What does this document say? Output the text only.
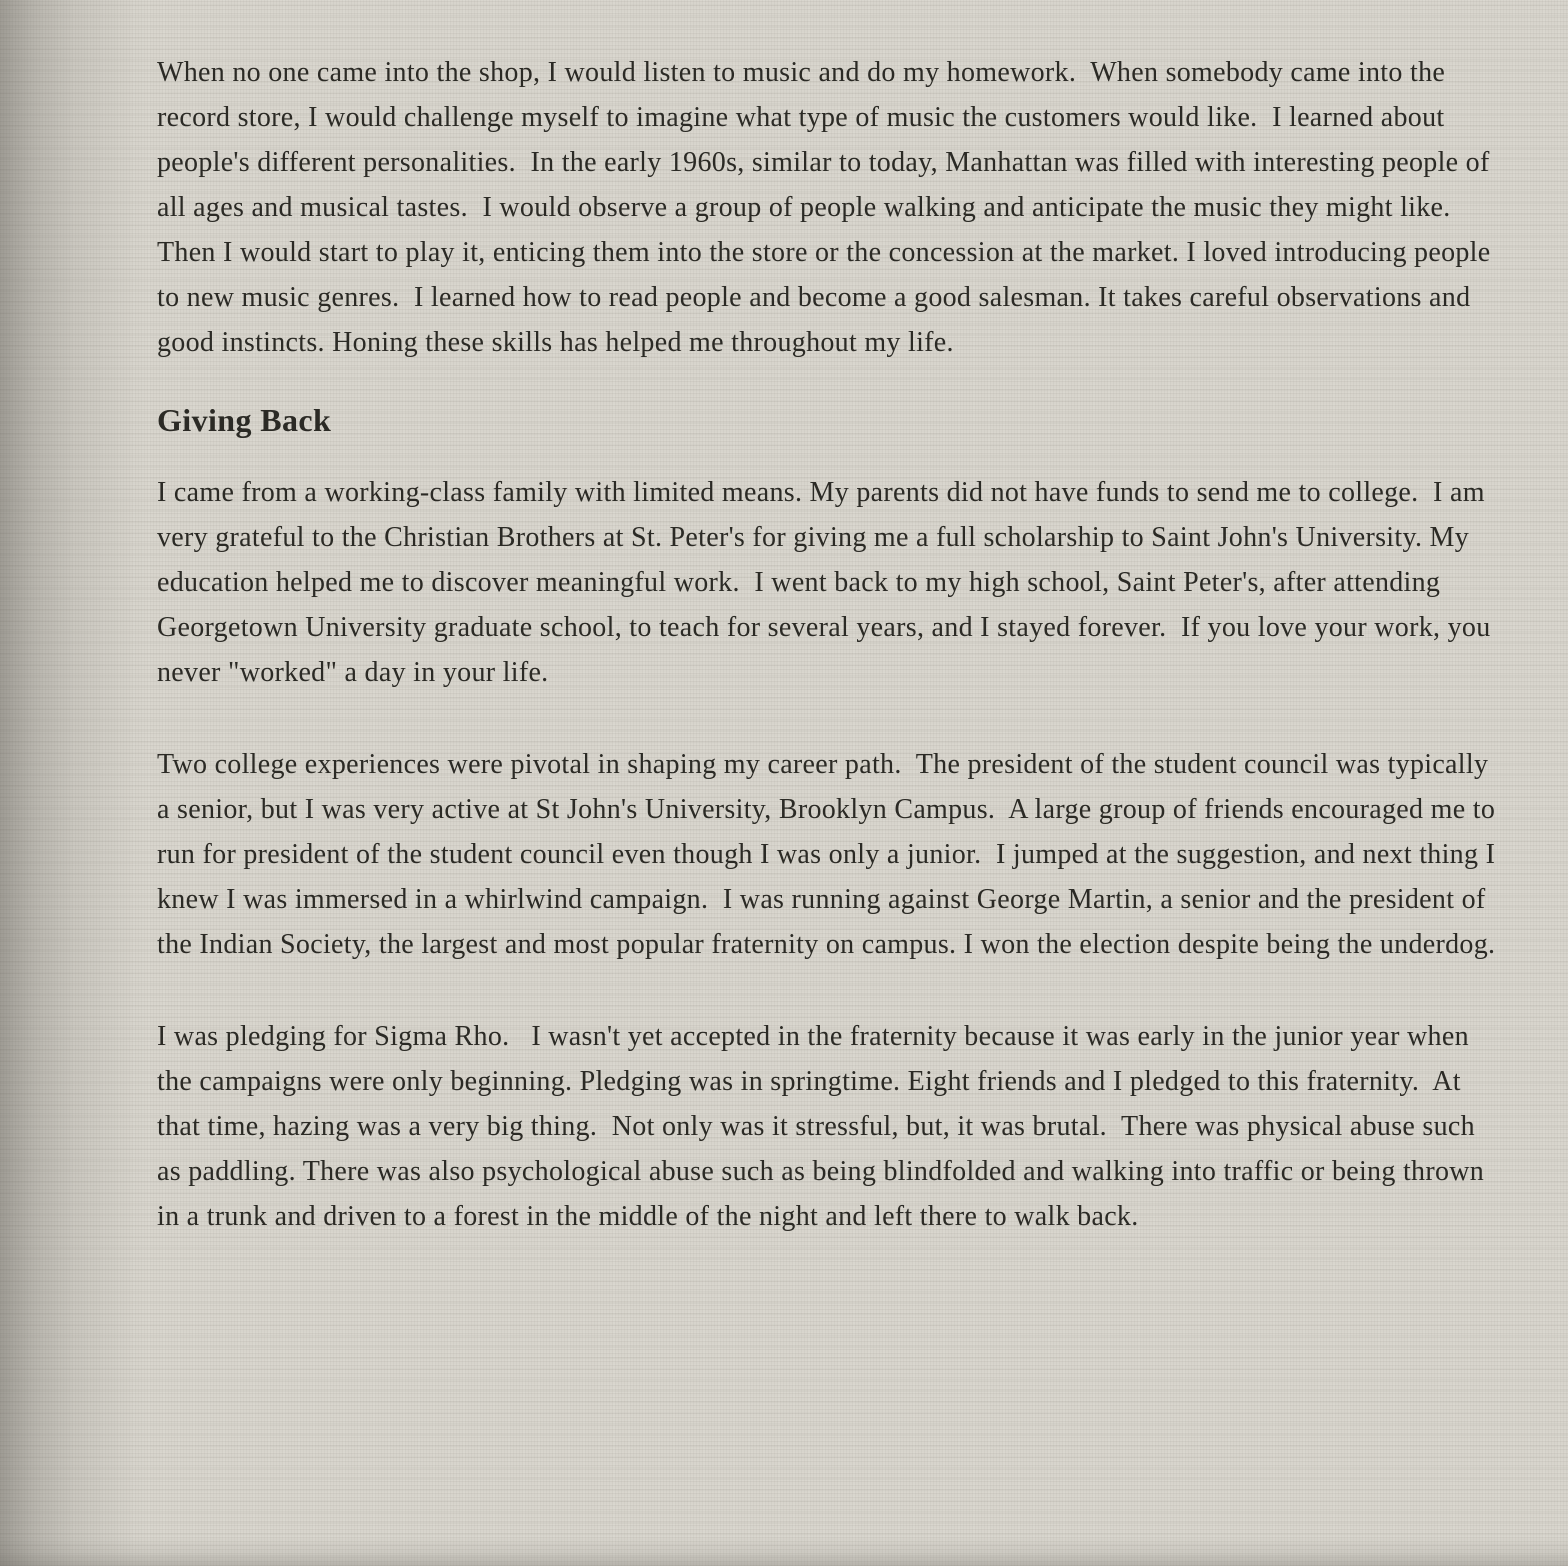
When no one came into the shop, I would listen to music and do my homework.  When somebody came into the record store, I would challenge myself to imagine what type of music the customers would like.  I learned about people's different personalities.  In the early 1960s, similar to today, Manhattan was filled with interesting people of all ages and musical tastes.  I would observe a group of people walking and anticipate the music they might like.  Then I would start to play it, enticing them into the store or the concession at the market. I loved introducing people to new music genres.  I learned how to read people and become a good salesman. It takes careful observations and good instincts. Honing these skills has helped me throughout my life.

Giving Back

I came from a working-class family with limited means. My parents did not have funds to send me to college.  I am very grateful to the Christian Brothers at St. Peter's for giving me a full scholarship to Saint John's University. My education helped me to discover meaningful work.  I went back to my high school, Saint Peter's, after attending Georgetown University graduate school, to teach for several years, and I stayed forever.  If you love your work, you never "worked" a day in your life.

Two college experiences were pivotal in shaping my career path.  The president of the student council was typically a senior, but I was very active at St John's University, Brooklyn Campus.  A large group of friends encouraged me to run for president of the student council even though I was only a junior.  I jumped at the suggestion, and next thing I knew I was immersed in a whirlwind campaign.  I was running against George Martin, a senior and the president of the Indian Society, the largest and most popular fraternity on campus. I won the election despite being the underdog.

I was pledging for Sigma Rho.   I wasn't yet accepted in the fraternity because it was early in the junior year when the campaigns were only beginning. Pledging was in springtime. Eight friends and I pledged to this fraternity.  At that time, hazing was a very big thing.  Not only was it stressful, but, it was brutal.  There was physical abuse such as paddling. There was also psychological abuse such as being blindfolded and walking into traffic or being thrown in a trunk and driven to a forest in the middle of the night and left there to walk back.
